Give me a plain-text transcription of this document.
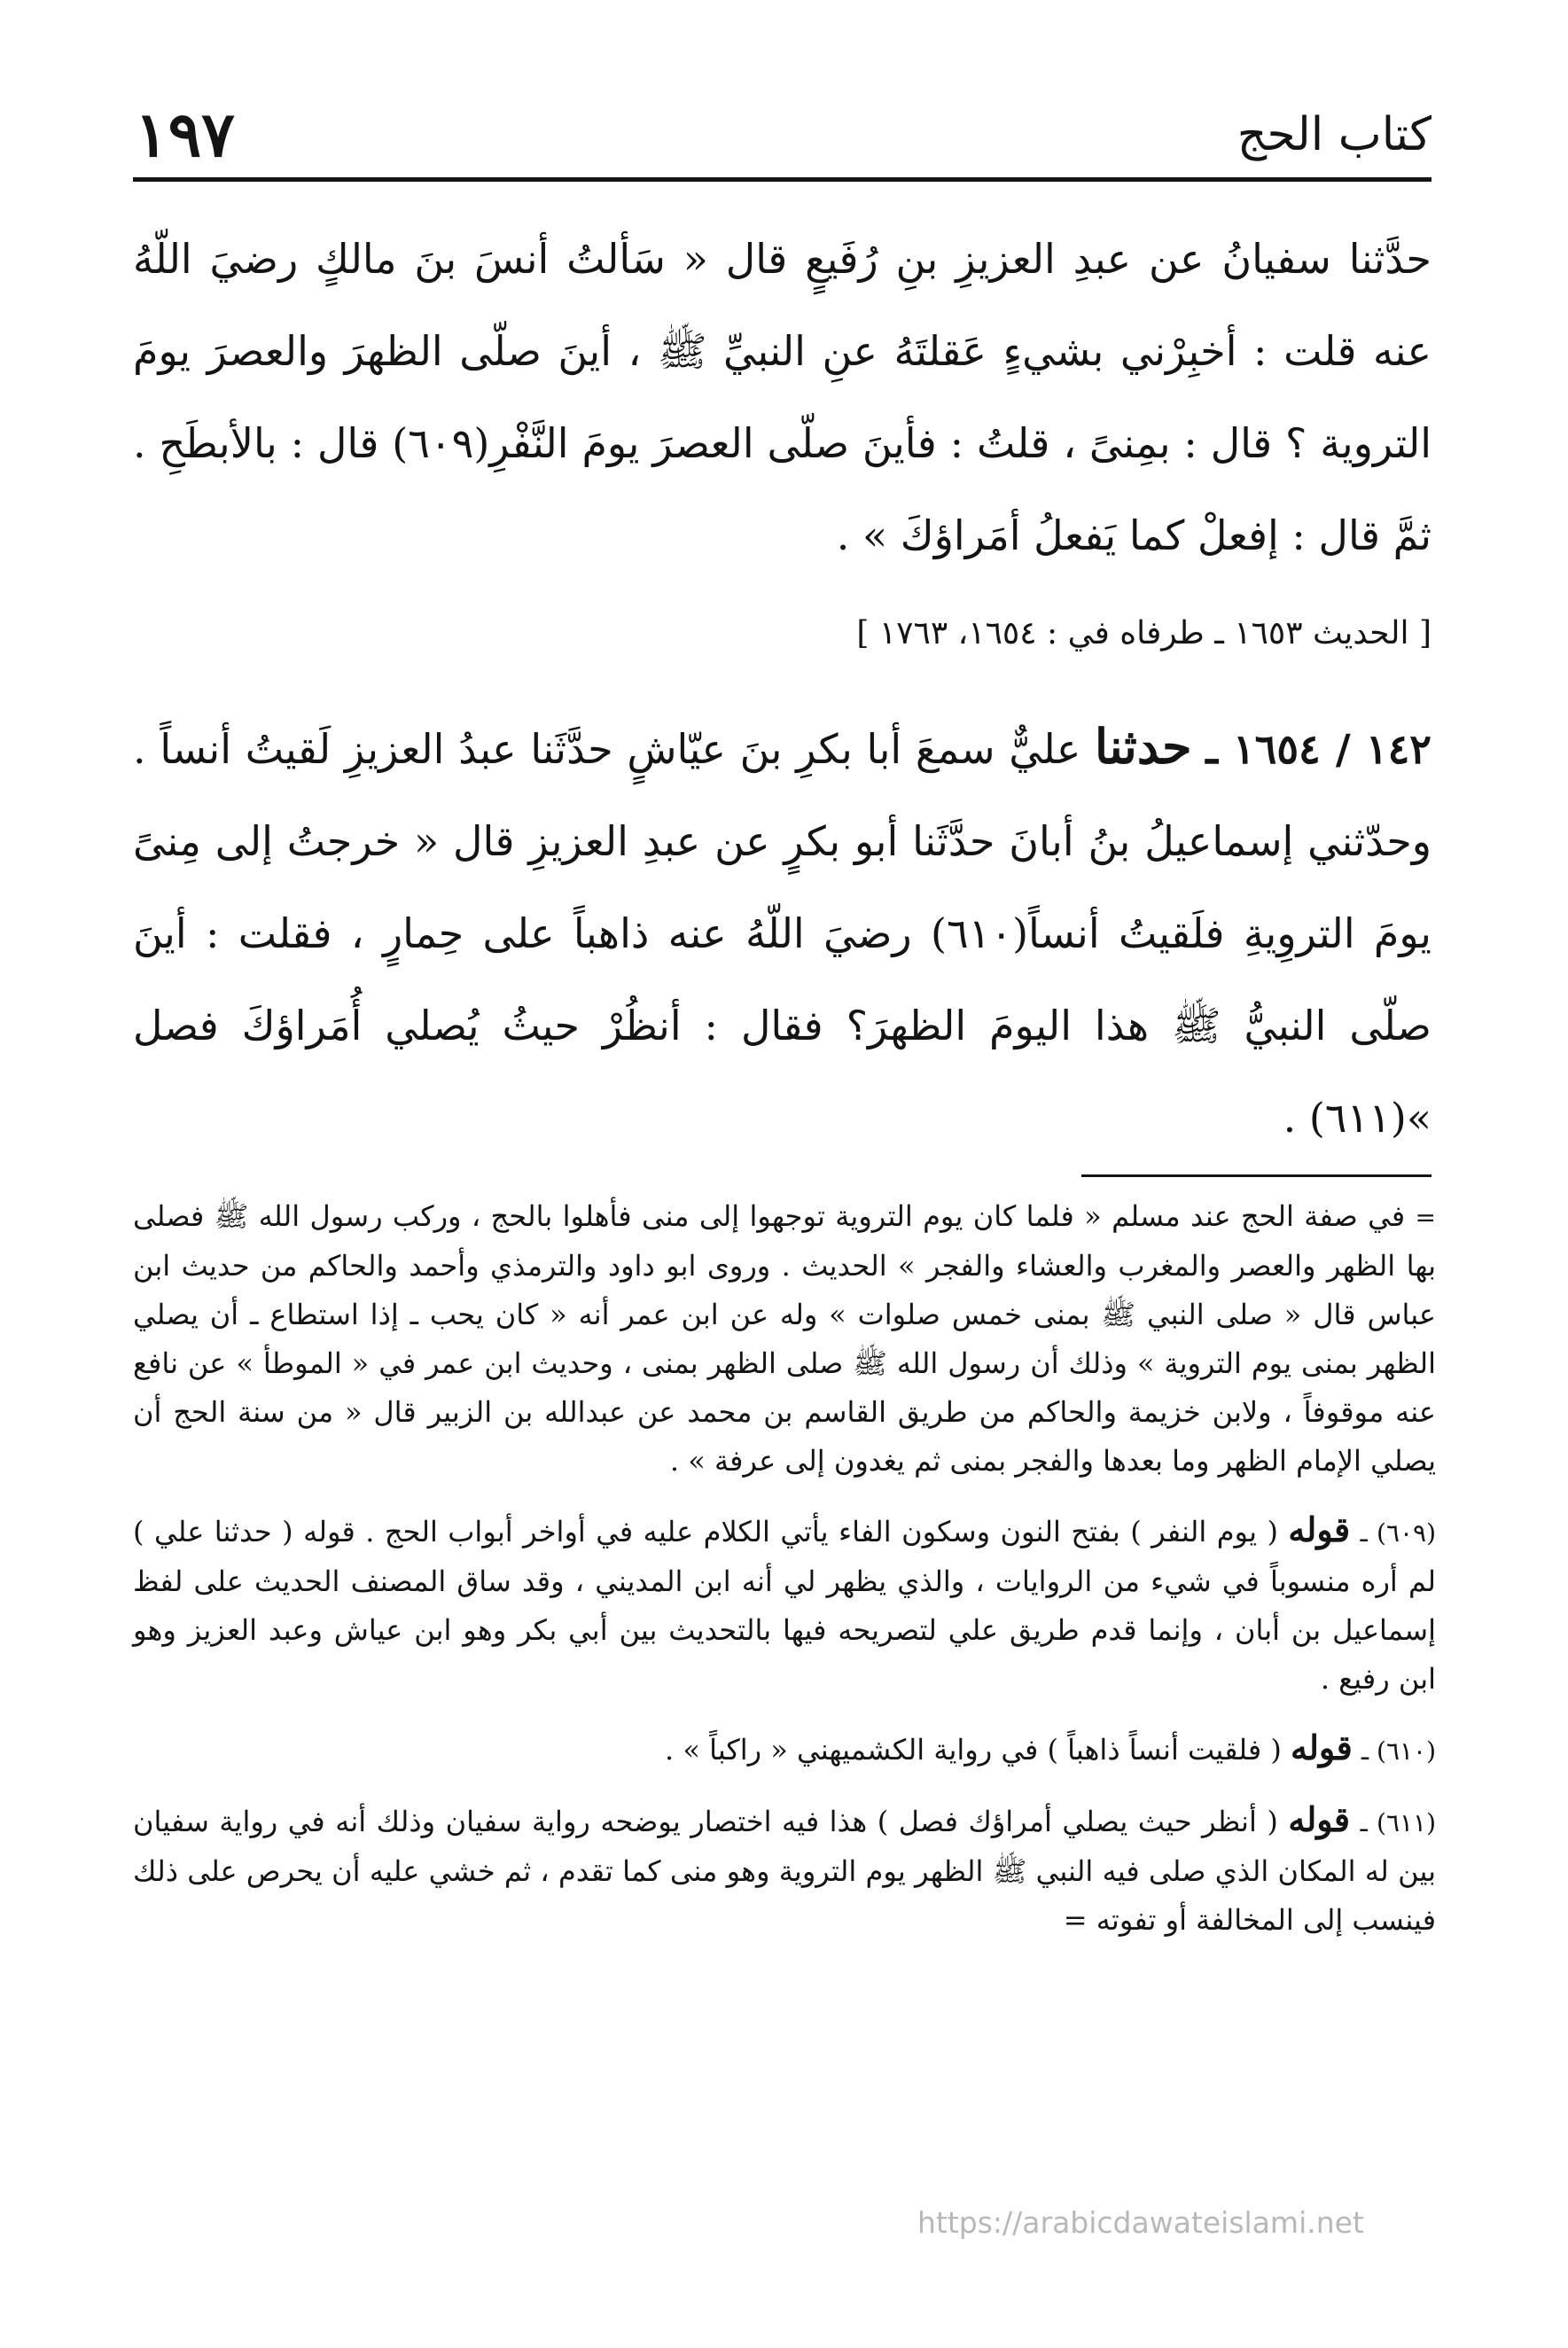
كتاب الحج
١٩٧
حدَّثنا سفيانُ عن عبدِ العزيزِ بنِ رُفَيعٍ قال « سَألتُ أنسَ بنَ مالكٍ رضيَ اللّهُ عنه قلت : أخبِرْني بشيءٍ عَقلتَهُ عنِ النبيِّ ﷺ ، أينَ صلّى الظهرَ والعصرَ يومَ التروية ؟ قال : بمِنىً ، قلتُ : فأينَ صلّى العصرَ يومَ النَّفْرِ(٦٠٩) قال : بالأبطَحِ . ثمَّ قال : إفعلْ كما يَفعلُ أمَراؤكَ » .
[ الحديث ١٦٥٣ ـ طرفاه في : ١٦٥٤، ١٧٦٣ ]
١٤٢ / ١٦٥٤ ـ حدثنا عليٌّ سمعَ أبا بكرِ بنَ عيّاشٍ حدَّثَنا عبدُ العزيزِ لَقيتُ أنساً . وحدّثني إسماعيلُ بنُ أبانَ حدَّثَنا أبو بكرٍ عن عبدِ العزيزِ قال « خرجتُ إلى مِنىً يومَ التروِيةِ فلَقيتُ أنساً(٦١٠) رضيَ اللّهُ عنه ذاهباً على حِمارٍ ، فقلت : أينَ صلّى النبيُّ ﷺ هذا اليومَ الظهرَ؟ فقال : أنظُرْ حيثُ يُصلي أُمَراؤكَ فصل »(٦١١) .

= في صفة الحج عند مسلم « فلما كان يوم التروية توجهوا إلى منى فأهلوا بالحج ، وركب رسول الله ﷺ فصلى بها الظهر والعصر والمغرب والعشاء والفجر » الحديث . وروى ابو داود والترمذي وأحمد والحاكم من حديث ابن عباس قال « صلى النبي ﷺ بمنى خمس صلوات » وله عن ابن عمر أنه « كان يحب ـ إذا استطاع ـ أن يصلي الظهر بمنى يوم التروية » وذلك أن رسول الله ﷺ صلى الظهر بمنى ، وحديث ابن عمر في « الموطأ » عن نافع عنه موقوفاً ، ولابن خزيمة والحاكم من طريق القاسم بن محمد عن عبدالله بن الزبير قال « من سنة الحج أن يصلي الإمام الظهر وما بعدها والفجر بمنى ثم يغدون إلى عرفة » .

(٦٠٩) ـ قوله ( يوم النفر ) بفتح النون وسكون الفاء يأتي الكلام عليه في أواخر أبواب الحج . قوله ( حدثنا علي ) لم أره منسوباً في شيء من الروايات ، والذي يظهر لي أنه ابن المديني ، وقد ساق المصنف الحديث على لفظ إسماعيل بن أبان ، وإنما قدم طريق علي لتصريحه فيها بالتحديث بين أبي بكر وهو ابن عياش وعبد العزيز وهو ابن رفيع .

(٦١٠) ـ قوله ( فلقيت أنساً ذاهباً ) في رواية الكشميهني « راكباً » .

(٦١١) ـ قوله ( أنظر حيث يصلي أمراؤك فصل ) هذا فيه اختصار يوضحه رواية سفيان وذلك أنه في رواية سفيان بين له المكان الذي صلى فيه النبي ﷺ الظهر يوم التروية وهو منى كما تقدم ، ثم خشي عليه أن يحرص على ذلك فينسب إلى المخالفة أو تفوته =

https://arabicdawateislami.net
